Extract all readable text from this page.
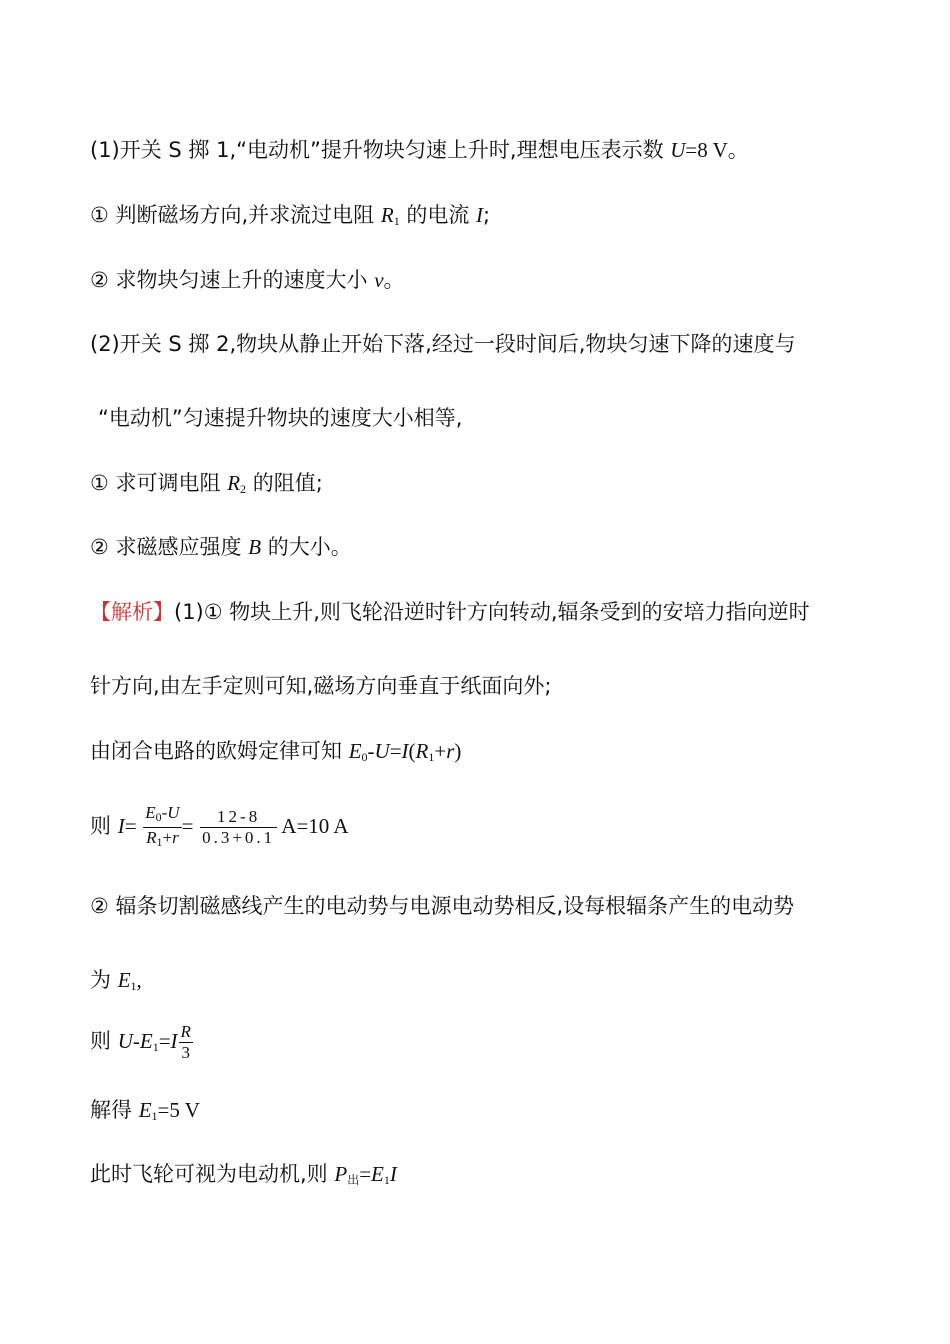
(1)开关 S 掷 1,“电动机”提升物块匀速上升时,理想电压表示数 U=8 V。
① 判断磁场方向,并求流过电阻 $R_1$ 的电流 I;
② 求物块匀速上升的速度大小 v。
(2)开关 S 掷 2,物块从静止开始下落,经过一段时间后,物块匀速下降的速度与
“电动机”匀速提升物块的速度大小相等,
① 求可调电阻 $R_2$ 的阻值;
② 求磁感应强度 B 的大小。
【解析】(1)① 物块上升,则飞轮沿逆时针方向转动,辐条受到的安培力指向逆时
针方向,由左手定则可知,磁场方向垂直于纸面向外;
由闭合电路的欧姆定律可知 $E_0-U=I(R_1+r)$
则 $I= \frac{E_0-U}{R_1+r} = \frac{12-8}{0.3+0.1} A=10$ A
② 辐条切割磁感线产生的电动势与电源电动势相反,设每根辐条产生的电动势
为 $E_1$,
则 $U-E_1=I \frac{R}{3}$
解得 $E_1=5$ V
此时飞轮可视为电动机,则 $P_出=E_1I$
